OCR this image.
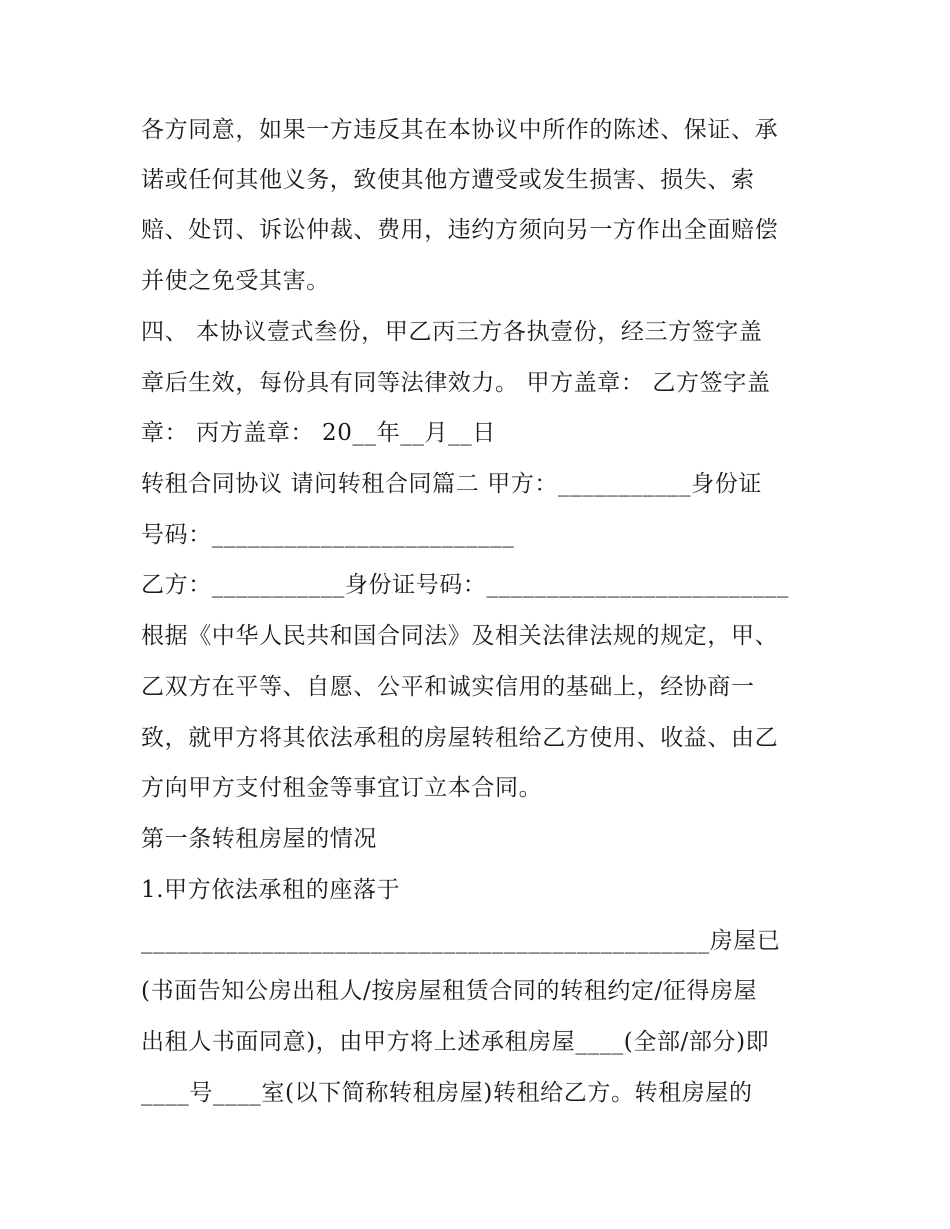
各方同意，如果一方违反其在本协议中所作的陈述、保证、承
诺或任何其他义务，致使其他方遭受或发生损害、损失、索
赔、处罚、诉讼仲裁、费用，违约方须向另一方作出全面赔偿
并使之免受其害。
四、 本协议壹式叁份，甲乙丙三方各执壹份，经三方签字盖
章后生效，每份具有同等法律效力。 甲方盖章： 乙方签字盖
章： 丙方盖章： 20__年__月__日
转租合同协议 请问转租合同篇二 甲方：___________身份证
号码：_________________________
乙方：___________身份证号码：_________________________
根据《中华人民共和国合同法》及相关法律法规的规定，甲、
乙双方在平等、自愿、公平和诚实信用的基础上，经协商一
致，就甲方将其依法承租的房屋转租给乙方使用、收益、由乙
方向甲方支付租金等事宜订立本合同。
第一条转租房屋的情况
1.甲方依法承租的座落于
_______________________________________________房屋已
(书面告知公房出租人/按房屋租赁合同的转租约定/征得房屋
出租人书面同意)，由甲方将上述承租房屋____(全部/部分)即
____号____室(以下简称转租房屋)转租给乙方。转租房屋的
